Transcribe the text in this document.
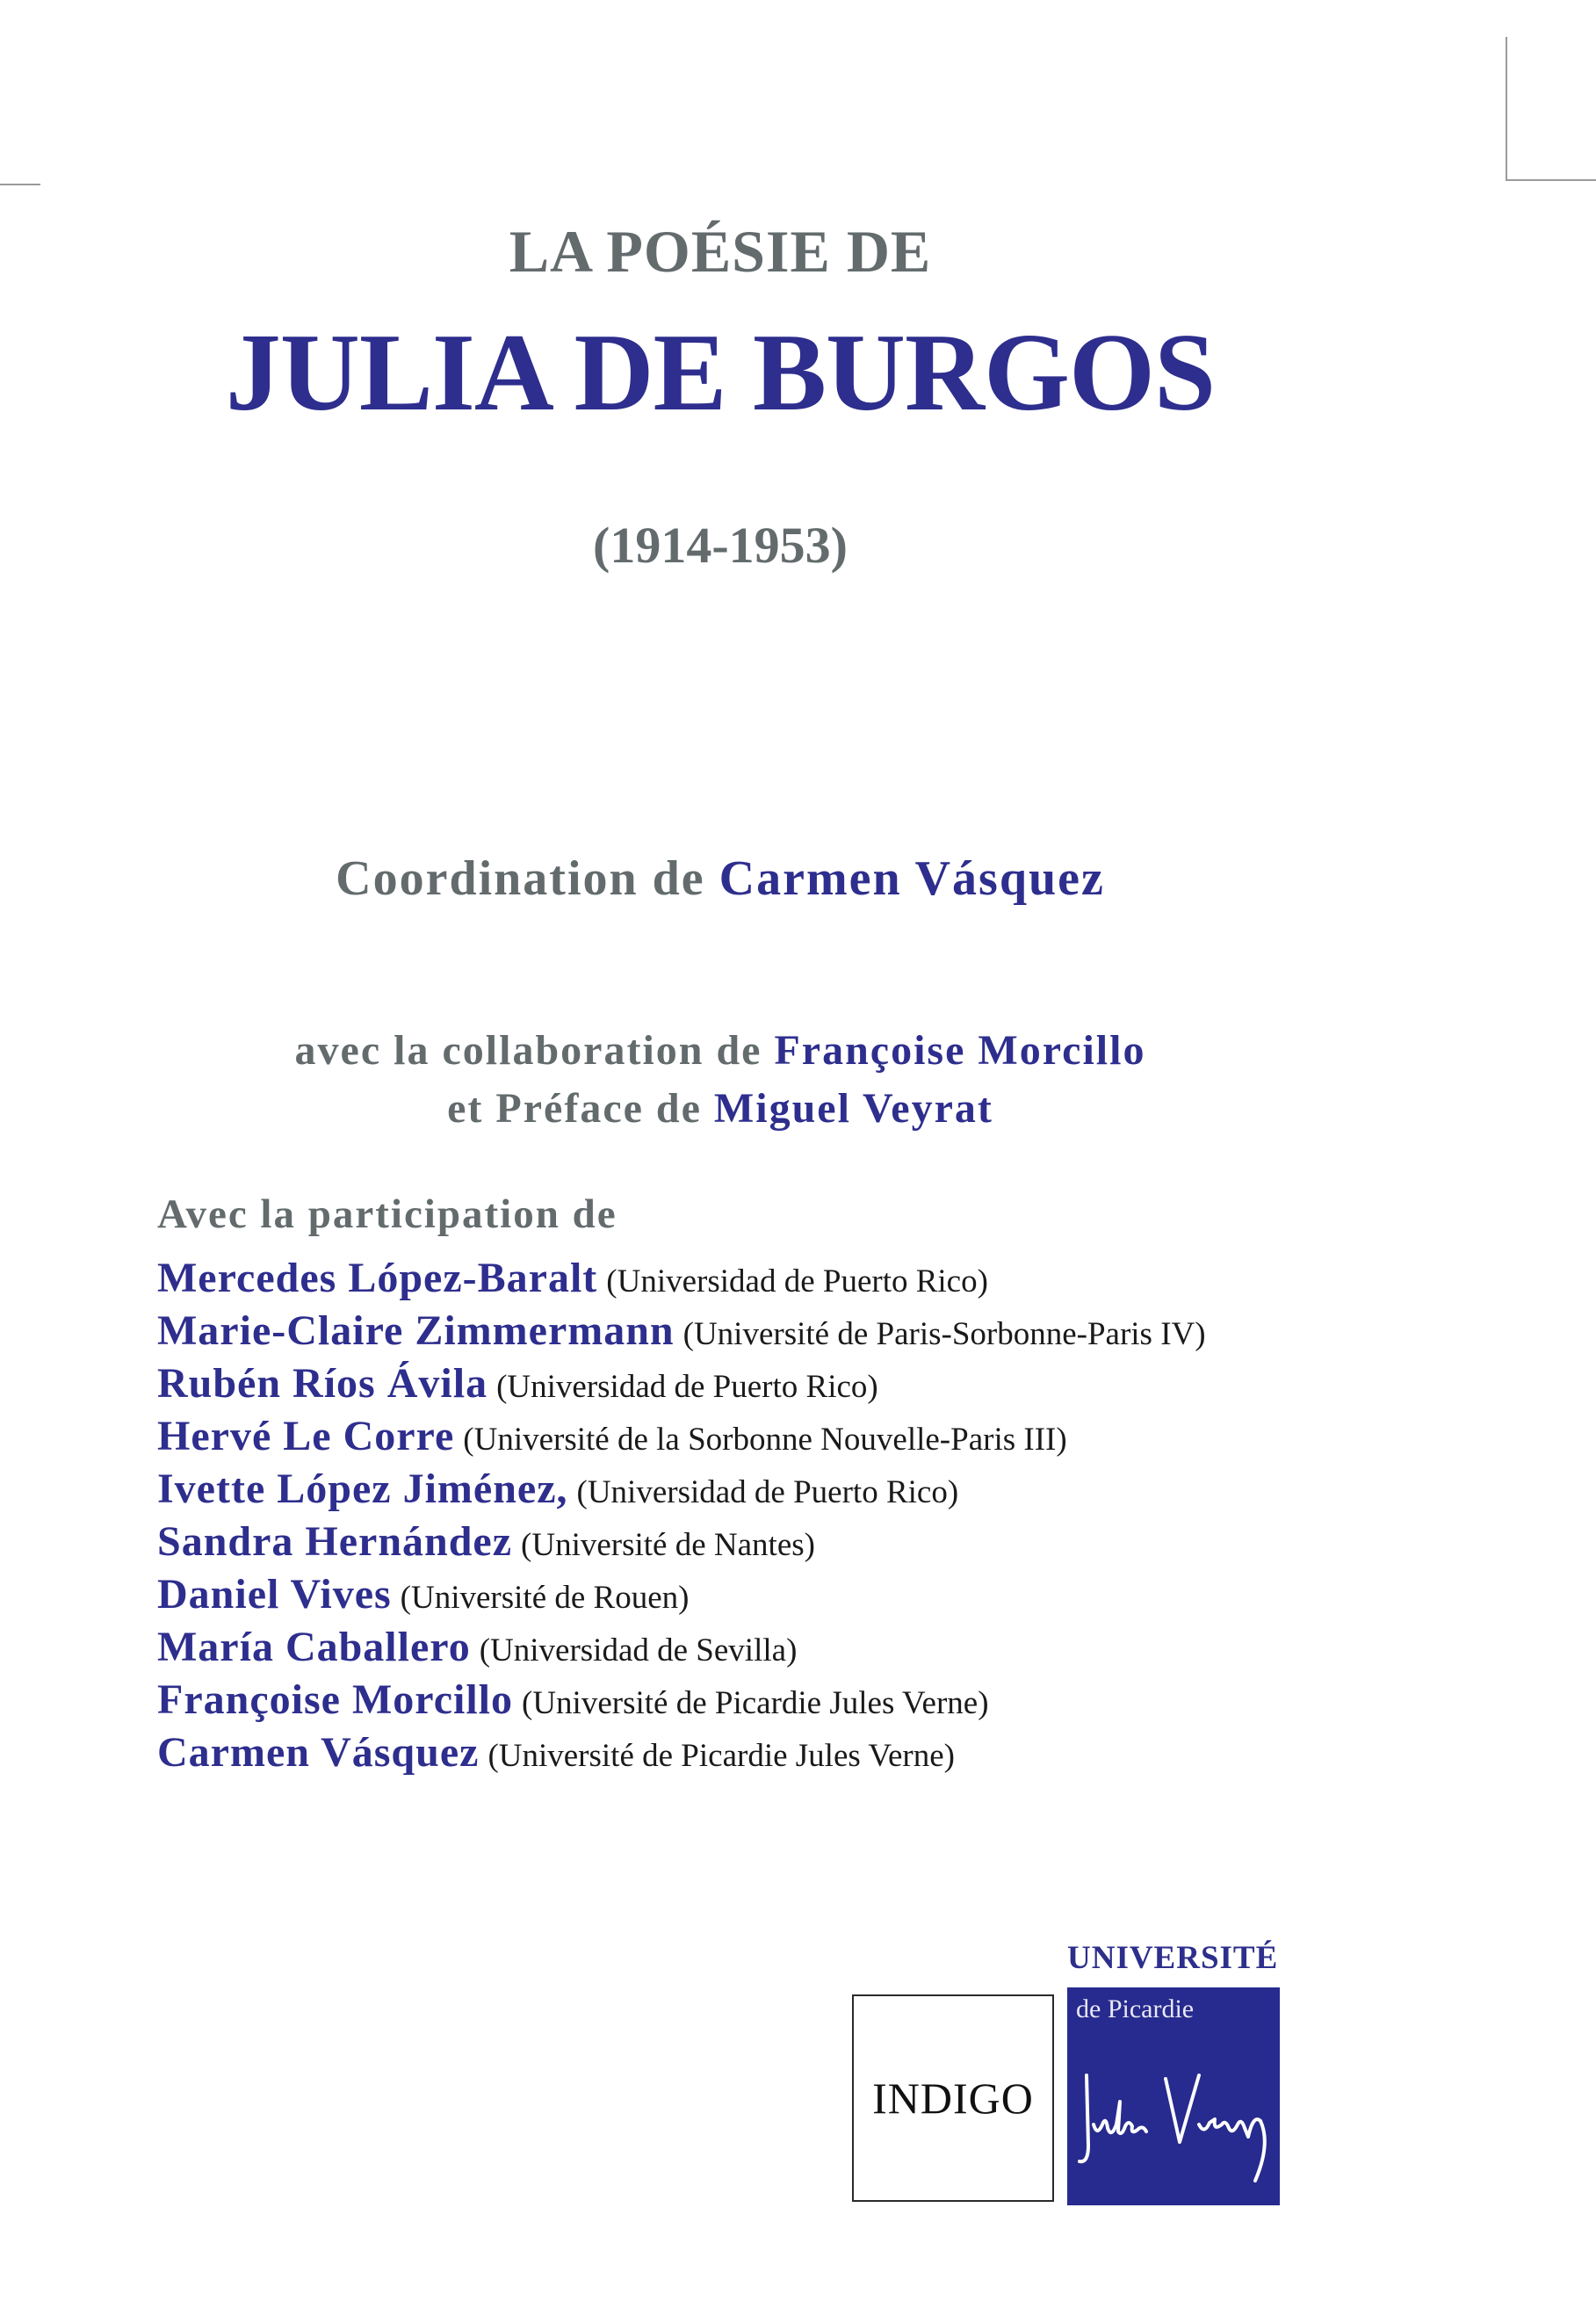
LA POÉSIE DE
JULIA DE BURGOS
(1914-1953)
Coordination de Carmen Vásquez
avec la collaboration de Françoise Morcillo
et Préface de Miguel Veyrat
Avec la participation de
Mercedes López-Baralt (Universidad de Puerto Rico)
Marie-Claire Zimmermann (Université de Paris-Sorbonne-Paris IV)
Rubén Ríos Ávila (Universidad de Puerto Rico)
Hervé Le Corre (Université de la Sorbonne Nouvelle-Paris III)
Ivette López Jiménez, (Universidad de Puerto Rico)
Sandra Hernández (Université de Nantes)
Daniel Vives (Université de Rouen)
María Caballero (Universidad de Sevilla)
Françoise Morcillo (Université de Picardie Jules Verne)
Carmen Vásquez (Université de Picardie Jules Verne)
INDIGO
UNIVERSITÉ
de Picardie
